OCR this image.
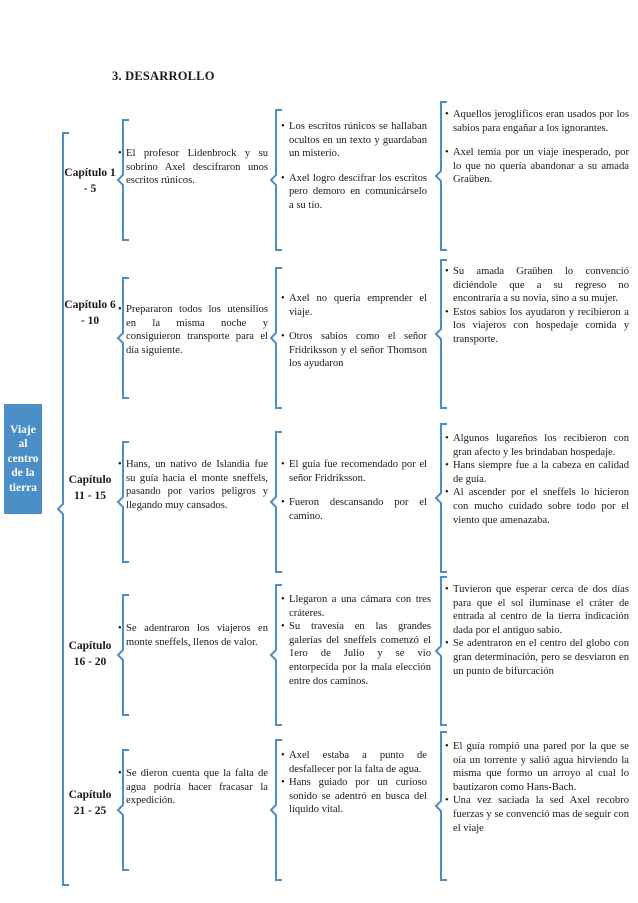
3. DESARROLLO
Viaje al centro de la tierra
Capítulo 1 - 5
• El profesor Lidenbrock y su sobrino Axel descifraron unos escritos rúnicos.
• Los escritos rúnicos se hallaban ocultos en un texto y guardaban un misterio.
• Axel logro descifrar los escritos pero demoro en comunicárselo a su tío.
• Aquellos jeroglíficos eran usados por los sabios para engañar a los ignorantes.
• Axel temía por un viaje inesperado, por lo que no quería abandonar a su amada Graüben.
Capítulo 6 - 10
• Prepararon todos los utensilios en la misma noche y consiguieron transporte para el día siguiente.
• Axel no quería emprender el viaje.
• Otros sabios como el señor Fridriksson y el señor Thomson los ayudaron
• Su amada Graüben lo convenció diciéndole que a su regreso no encontraría a su novia, sino a su mujer.
• Estos sabios los ayudaron y recibieron a los viajeros con hospedaje comida y transporte.
Capítulo 11 - 15
• Hans, un nativo de Islandia fue su guía hacia el monte sneffels, pasando por varios peligros y llegando muy cansados.
• El guía fue recomendado por el señor Fridriksson.
• Fueron descansando por el camino.
• Algunos lugareños los recibieron con gran afecto y les brindaban hospedaje.
• Hans siempre fue a la cabeza en calidad de guía.
• Al ascender por el sneffels lo hicieron con mucho cuidado sobre todo por el viento que amenazaba.
Capítulo 16 - 20
• Se adentraron los viajeros en monte sneffels, llenos de valor.
• Llegaron a una cámara con tres cráteres.
• Su travesía en las grandes galerías del sneffels comenzó el 1ero de Julio y se vio entorpecida por la mala elección entre dos caminos.
• Tuvieron que esperar cerca de dos días para que el sol iluminase el cráter de entrada al centro de la tierra indicación dada por el antiguo sabio.
• Se adentraron en el centro del globo con gran determinación, pero se desviaron en un punto de bifurcación
Capítulo 21 - 25
• Se dieron cuenta que la falta de agua podría hacer fracasar la expedición.
• Axel estaba a punto de desfallecer por la falta de agua.
• Hans guiado por un curioso sonido se adentró en busca del líquido vital.
• El guía rompió una pared por la que se oía un torrente y salió agua hirviendo la misma que formo un arroyo al cual lo bautizaron como Hans-Bach.
• Una vez saciada la sed Axel recobro fuerzas y se convenció mas de seguir con el viaje
